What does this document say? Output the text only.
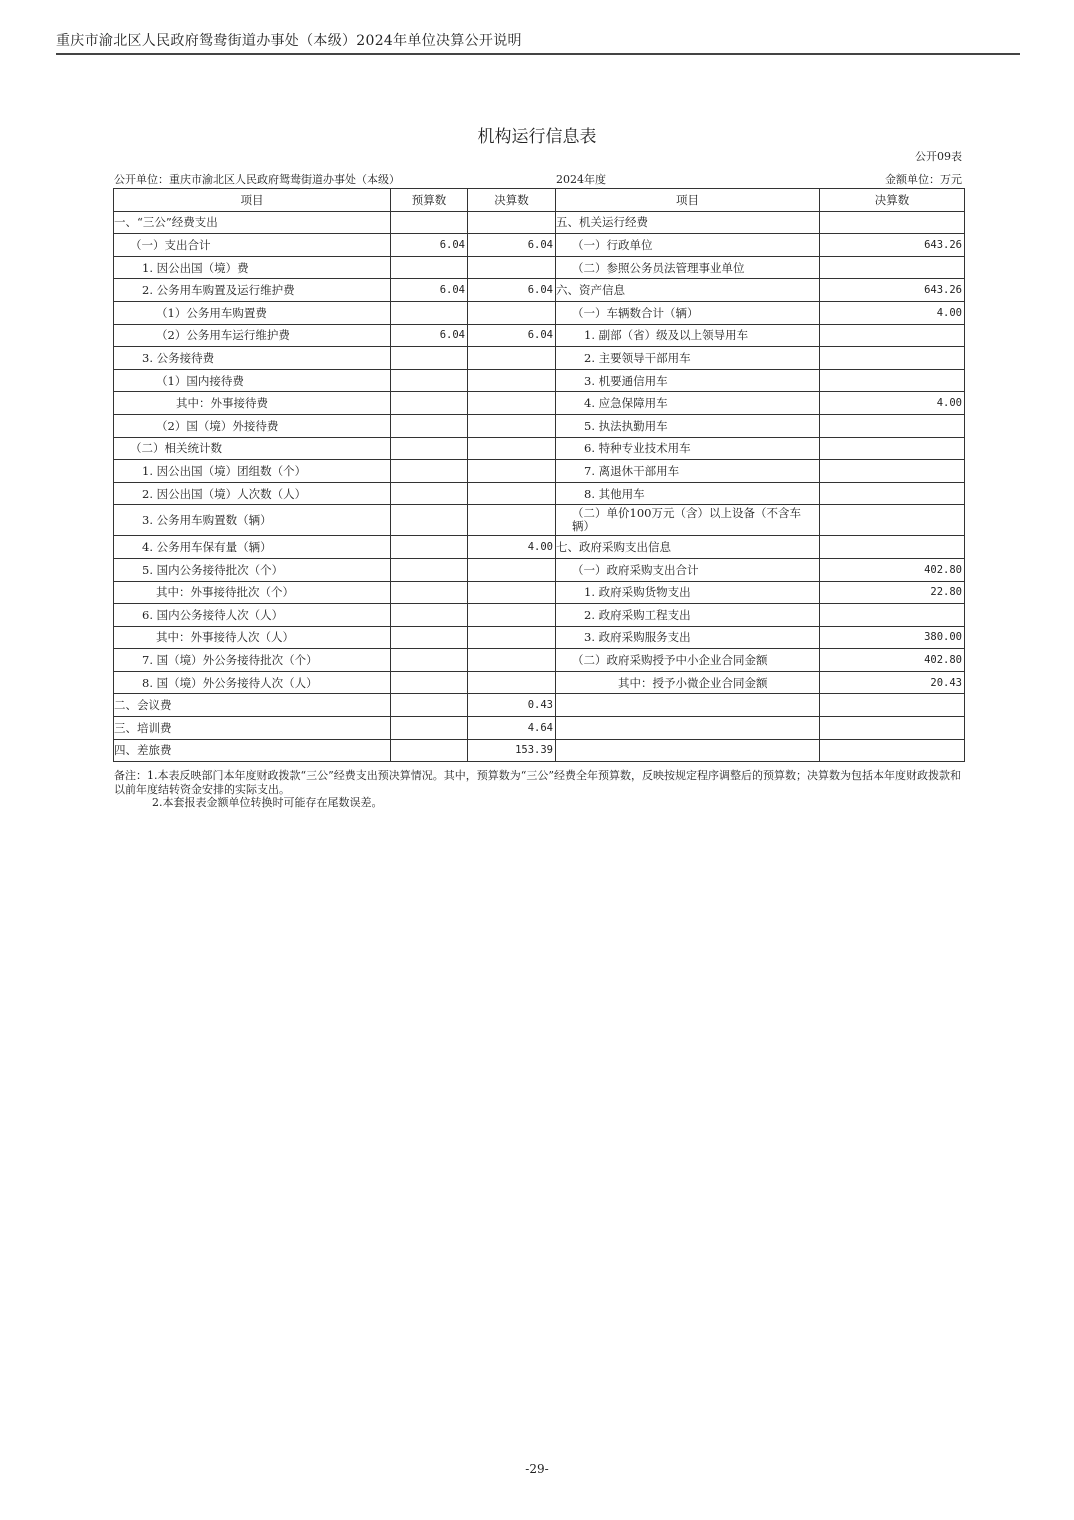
重庆市渝北区人民政府鸳鸯街道办事处（本级）2024年单位决算公开说明
机构运行信息表
公开09表
公开单位：重庆市渝北区人民政府鸳鸯街道办事处（本级）	2024年度	金额单位：万元
项目	预算数	决算数	项目	决算数
一、“三公”经费支出			五、机关运行经费	
（一）支出合计	6.04	6.04	（一）行政单位	643.26
1. 因公出国（境）费			（二）参照公务员法管理事业单位	
2. 公务用车购置及运行维护费	6.04	6.04	六、资产信息	643.26
（1）公务用车购置费			（一）车辆数合计（辆）	4.00
（2）公务用车运行维护费	6.04	6.04	1. 副部（省）级及以上领导用车	
3. 公务接待费			2. 主要领导干部用车	
（1）国内接待费			3. 机要通信用车	
其中：外事接待费			4. 应急保障用车	4.00
（2）国（境）外接待费			5. 执法执勤用车	
（二）相关统计数			6. 特种专业技术用车	
1. 因公出国（境）团组数（个）			7. 离退休干部用车	
2. 因公出国（境）人次数（人）			8. 其他用车	
3. 公务用车购置数（辆）			（二）单价100万元（含）以上设备（不含车辆）	
4. 公务用车保有量（辆）		4.00	七、政府采购支出信息	
5. 国内公务接待批次（个）			（一）政府采购支出合计	402.80
其中：外事接待批次（个）			1. 政府采购货物支出	22.80
6. 国内公务接待人次（人）			2. 政府采购工程支出	
其中：外事接待人次（人）			3. 政府采购服务支出	380.00
7. 国（境）外公务接待批次（个）			（二）政府采购授予中小企业合同金额	402.80
8. 国（境）外公务接待人次（人）			其中：授予小微企业合同金额	20.43
二、会议费		0.43		
三、培训费		4.64		
四、差旅费		153.39		
备注：1.本表反映部门本年度财政拨款“三公”经费支出预决算情况。其中，预算数为“三公”经费全年预算数，反映按规定程序调整后的预算数；决算数为包括本年度财政拨款和以前年度结转资金安排的实际支出。
2.本套报表金额单位转换时可能存在尾数误差。
-29-
